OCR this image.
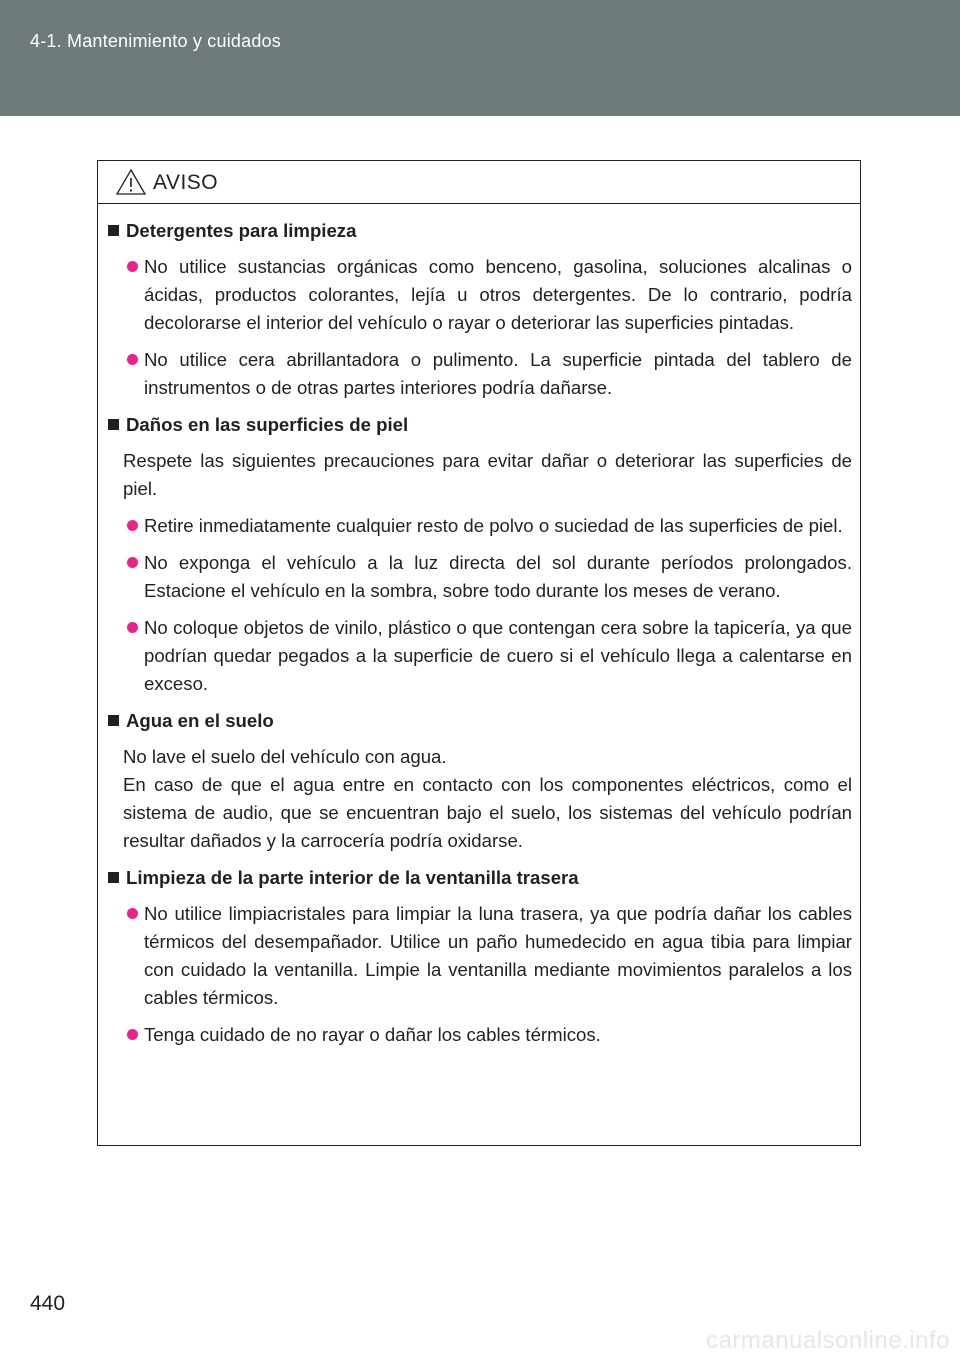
4-1. Mantenimiento y cuidados
AVISO
Detergentes para limpieza
No utilice sustancias orgánicas como benceno, gasolina, soluciones alcalinas o ácidas, productos colorantes, lejía u otros detergentes. De lo contrario, podría decolorarse el interior del vehículo o rayar o deteriorar las superficies pintadas.
No utilice cera abrillantadora o pulimento. La superficie pintada del tablero de instrumentos o de otras partes interiores podría dañarse.
Daños en las superficies de piel
Respete las siguientes precauciones para evitar dañar o deteriorar las superficies de piel.
Retire inmediatamente cualquier resto de polvo o suciedad de las superficies de piel.
No exponga el vehículo a la luz directa del sol durante períodos prolongados. Estacione el vehículo en la sombra, sobre todo durante los meses de verano.
No coloque objetos de vinilo, plástico o que contengan cera sobre la tapicería, ya que podrían quedar pegados a la superficie de cuero si el vehículo llega a calentarse en exceso.
Agua en el suelo
No lave el suelo del vehículo con agua.
En caso de que el agua entre en contacto con los componentes eléctricos, como el sistema de audio, que se encuentran bajo el suelo, los sistemas del vehículo podrían resultar dañados y la carrocería podría oxidarse.
Limpieza de la parte interior de la ventanilla trasera
No utilice limpiacristales para limpiar la luna trasera, ya que podría dañar los cables térmicos del desempañador. Utilice un paño humedecido en agua tibia para limpiar con cuidado la ventanilla. Limpie la ventanilla mediante movimientos paralelos a los cables térmicos.
Tenga cuidado de no rayar o dañar los cables térmicos.
440
carmanualsonline.info
